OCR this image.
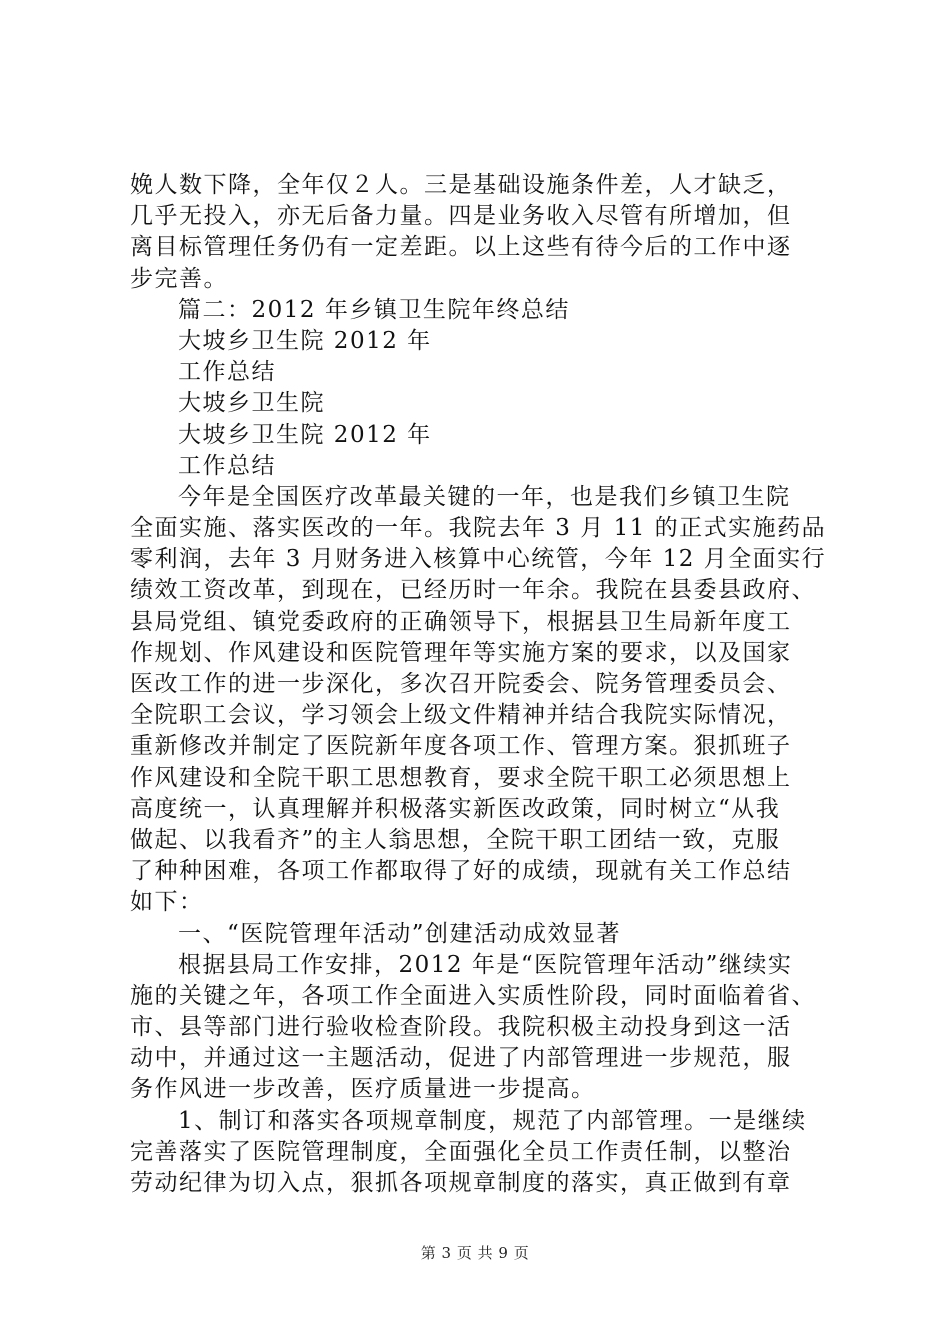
娩人数下降，全年仅２人。三是基础设施条件差，人才缺乏，
几乎无投入，亦无后备力量。四是业务收入尽管有所增加，但
离目标管理任务仍有一定差距。以上这些有待今后的工作中逐
步完善。
篇二：2012 年乡镇卫生院年终总结
大坡乡卫生院 2012 年
工作总结
大坡乡卫生院
大坡乡卫生院 2012 年
工作总结
今年是全国医疗改革最关键的一年，也是我们乡镇卫生院
全面实施、落实医改的一年。我院去年 3 月 11 的正式实施药品
零利润，去年 3 月财务进入核算中心统管，今年 12 月全面实行
绩效工资改革，到现在，已经历时一年余。我院在县委县政府、
县局党组、镇党委政府的正确领导下，根据县卫生局新年度工
作规划、作风建设和医院管理年等实施方案的要求，以及国家
医改工作的进一步深化，多次召开院委会、院务管理委员会、
全院职工会议，学习领会上级文件精神并结合我院实际情况，
重新修改并制定了医院新年度各项工作、管理方案。狠抓班子
作风建设和全院干职工思想教育，要求全院干职工必须思想上
高度统一，认真理解并积极落实新医改政策，同时树立“从我
做起、以我看齐”的主人翁思想，全院干职工团结一致，克服
了种种困难，各项工作都取得了好的成绩，现就有关工作总结
如下：
一、“医院管理年活动”创建活动成效显著
根据县局工作安排，2012 年是“医院管理年活动”继续实
施的关键之年，各项工作全面进入实质性阶段，同时面临着省、
市、县等部门进行验收检查阶段。我院积极主动投身到这一活
动中，并通过这一主题活动，促进了内部管理进一步规范，服
务作风进一步改善，医疗质量进一步提高。
1、制订和落实各项规章制度，规范了内部管理。一是继续
完善落实了医院管理制度，全面强化全员工作责任制，以整治
劳动纪律为切入点，狠抓各项规章制度的落实，真正做到有章
第 3 页 共 9 页
